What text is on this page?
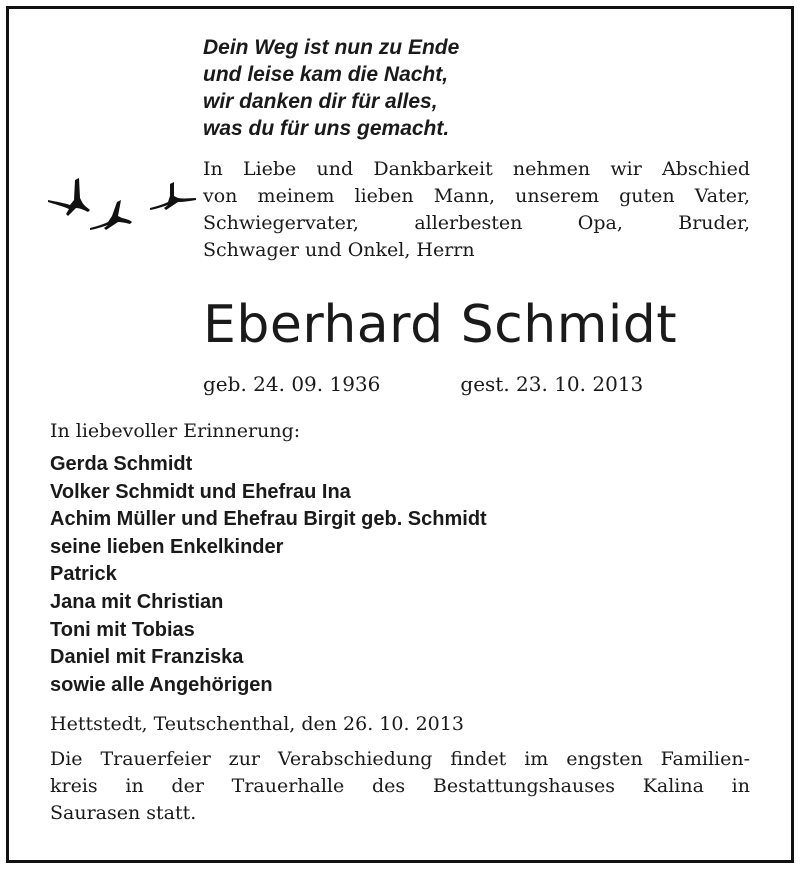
Dein Weg ist nun zu Ende
und leise kam die Nacht,
wir danken dir für alles,
was du für uns gemacht.
In Liebe und Dankbarkeit nehmen wir Abschied
von meinem lieben Mann, unserem guten Vater,
Schwiegervater, allerbesten Opa, Bruder,
Schwager und Onkel, Herrn
Eberhard Schmidt
geb. 24. 09. 1936	gest. 23. 10. 2013
In liebevoller Erinnerung:
Gerda Schmidt
Volker Schmidt und Ehefrau Ina
Achim Müller und Ehefrau Birgit geb. Schmidt
seine lieben Enkelkinder
Patrick
Jana mit Christian
Toni mit Tobias
Daniel mit Franziska
sowie alle Angehörigen
Hettstedt, Teutschenthal, den 26. 10. 2013
Die Trauerfeier zur Verabschiedung findet im engsten Familien-
kreis in der Trauerhalle des Bestattungshauses Kalina in
Saurasen statt.
